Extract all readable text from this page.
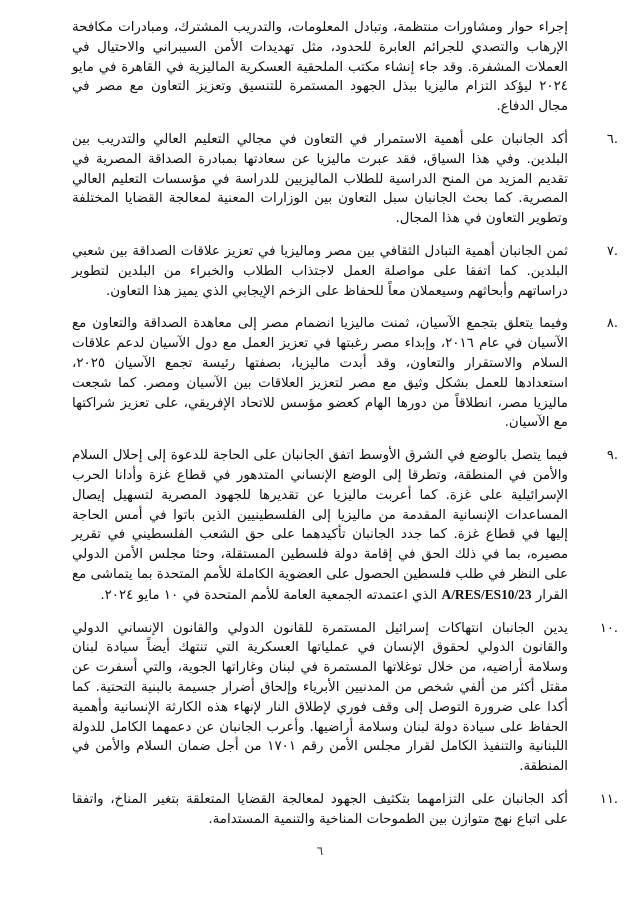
إجراء حوار ومشاورات منتظمة، وتبادل المعلومات، والتدريب المشترك، ومبادرات مكافحة الإرهاب والتصدي للجرائم العابرة للحدود، مثل تهديدات الأمن السيبراني والاحتيال في العملات المشفرة. وقد جاء إنشاء مكتب الملحقية العسكرية الماليزية في القاهرة في مايو ٢٠٢٤ ليؤكد التزام ماليزيا ببذل الجهود المستمرة للتنسيق وتعزيز التعاون مع مصر في مجال الدفاع.

٦.
أكد الجانبان على أهمية الاستمرار في التعاون في مجالي التعليم العالي والتدريب بين البلدين. وفي هذا السياق، فقد عبرت ماليزيا عن سعادتها بمبادرة الصداقة المصرية في تقديم المزيد من المنح الدراسية للطلاب الماليزيين للدراسة في مؤسسات التعليم العالي المصرية. كما بحث الجانبان سبل التعاون بين الوزارات المعنية لمعالجة القضايا المختلفة وتطوير التعاون في هذا المجال.
٧.
ثمن الجانبان أهمية التبادل الثقافي بين مصر وماليزيا في تعزيز علاقات الصداقة بين شعبي البلدين. كما اتفقا على مواصلة العمل لاجتذاب الطلاب والخبراء من البلدين لتطوير دراساتهم وأبحاثهم وسيعملان معاً للحفاظ على الزخم الإيجابي الذي يميز هذا التعاون.
٨.
وفيما يتعلق بتجمع الآسيان، ثمنت ماليزيا انضمام مصر إلى معاهدة الصداقة والتعاون مع الآسيان في عام ٢٠١٦، وإبداء مصر رغبتها في تعزيز العمل مع دول الآسيان لدعم علاقات السلام والاستقرار والتعاون، وقد أبدت ماليزيا، بصفتها رئيسة تجمع الآسيان ٢٠٢٥، استعدادها للعمل بشكل وثيق مع مصر لتعزيز العلاقات بين الآسيان ومصر. كما شجعت ماليزيا مصر، انطلاقاً من دورها الهام كعضو مؤسس للاتحاد الإفريقي، على تعزيز شراكتها مع الآسيان.
٩.
فيما يتصل بالوضع في الشرق الأوسط اتفق الجانبان على الحاجة للدعوة إلى إحلال السلام والأمن في المنطقة، وتطرقا إلى الوضع الإنساني المتدهور في قطاع غزة وأدانا الحرب الإسرائيلية على غزة. كما أعربت ماليزيا عن تقديرها للجهود المصرية لتسهيل إيصال المساعدات الإنسانية المقدمة من ماليزيا إلى الفلسطينيين الذين باتوا في أمس الحاجة إليها في قطاع غزة. كما جدد الجانبان تأكيدهما على حق الشعب الفلسطيني في تقرير مصيره، بما في ذلك الحق في إقامة دولة فلسطين المستقلة، وحثا مجلس الأمن الدولي على النظر في طلب فلسطين الحصول على العضوية الكاملة للأمم المتحدة بما يتماشى مع القرار A/RES/ES10/23 الذي اعتمدته الجمعية العامة للأمم المتحدة في ١٠ مايو ٢٠٢٤.
١٠.
يدين الجانبان انتهاكات إسرائيل المستمرة للقانون الدولي والقانون الإنساني الدولي والقانون الدولي لحقوق الإنسان في عملياتها العسكرية التي تنتهك أيضاً سيادة لبنان وسلامة أراضيه، من خلال توغلاتها المستمرة في لبنان وغاراتها الجوية، والتي أسفرت عن مقتل أكثر من ألفي شخص من المدنيين الأبرياء وإلحاق أضرار جسيمة بالبنية التحتية. كما أكدا على ضرورة التوصل إلى وقف فوري لإطلاق النار لإنهاء هذه الكارثة الإنسانية وأهمية الحفاظ على سيادة دولة لبنان وسلامة أراضيها. وأعرب الجانبان عن دعمهما الكامل للدولة اللبنانية والتنفيذ الكامل لقرار مجلس الأمن رقم ١٧٠١ من أجل ضمان السلام والأمن في المنطقة.
١١.
أكد الجانبان على التزامهما بتكثيف الجهود لمعالجة القضايا المتعلقة بتغير المناخ، واتفقا على اتباع نهج متوازن بين الطموحات المناخية والتنمية المستدامة.
٦
